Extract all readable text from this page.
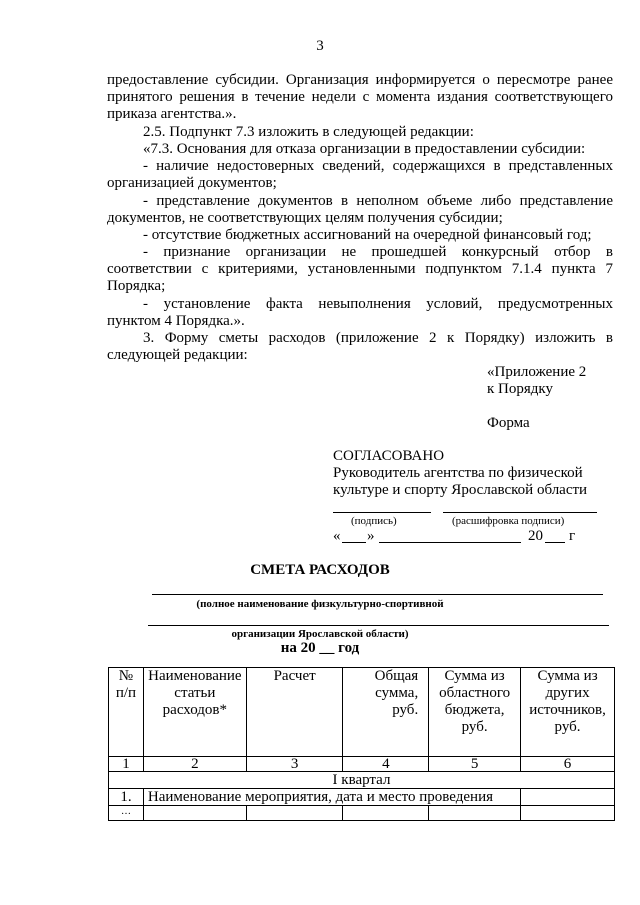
3
предоставление субсидии. Организация информируется о пересмотре ранее
принятого решения в течение недели с момента издания соответствующего
приказа агентства.».
2.5. Подпункт 7.3 изложить в следующей редакции:
«7.3. Основания для отказа организации в предоставлении субсидии:
- наличие недостоверных сведений, содержащихся в представленных
организацией документов;
- представление документов в неполном объеме либо представление
документов, не соответствующих целям получения субсидии;
- отсутствие бюджетных ассигнований на очередной финансовый год;
- признание организации не прошедшей конкурсный отбор в
соответствии с критериями, установленными подпунктом 7.1.4 пункта 7
Порядка;
- установление факта невыполнения условий, предусмотренных
пунктом 4 Порядка.».
3. Форму сметы расходов (приложение 2 к Порядку) изложить в
следующей редакции:
«Приложение 2
к Порядку
Форма
СОГЛАСОВАНО
Руководитель агентства по физической
культуре и спорту Ярославской области
(подпись)	(расшифровка подписи)
« »	20 г
СМЕТА РАСХОДОВ
(полное наименование физкультурно-спортивной
организации Ярославской области)
на 20 __ год
№ п/п	Наименование статьи расходов*	Расчет	Общая сумма, руб.	Сумма из областного бюджета, руб.	Сумма из других источников, руб.
1	2	3	4	5	6
I квартал					
1.	Наименование мероприятия, дата и место проведения				
…					
